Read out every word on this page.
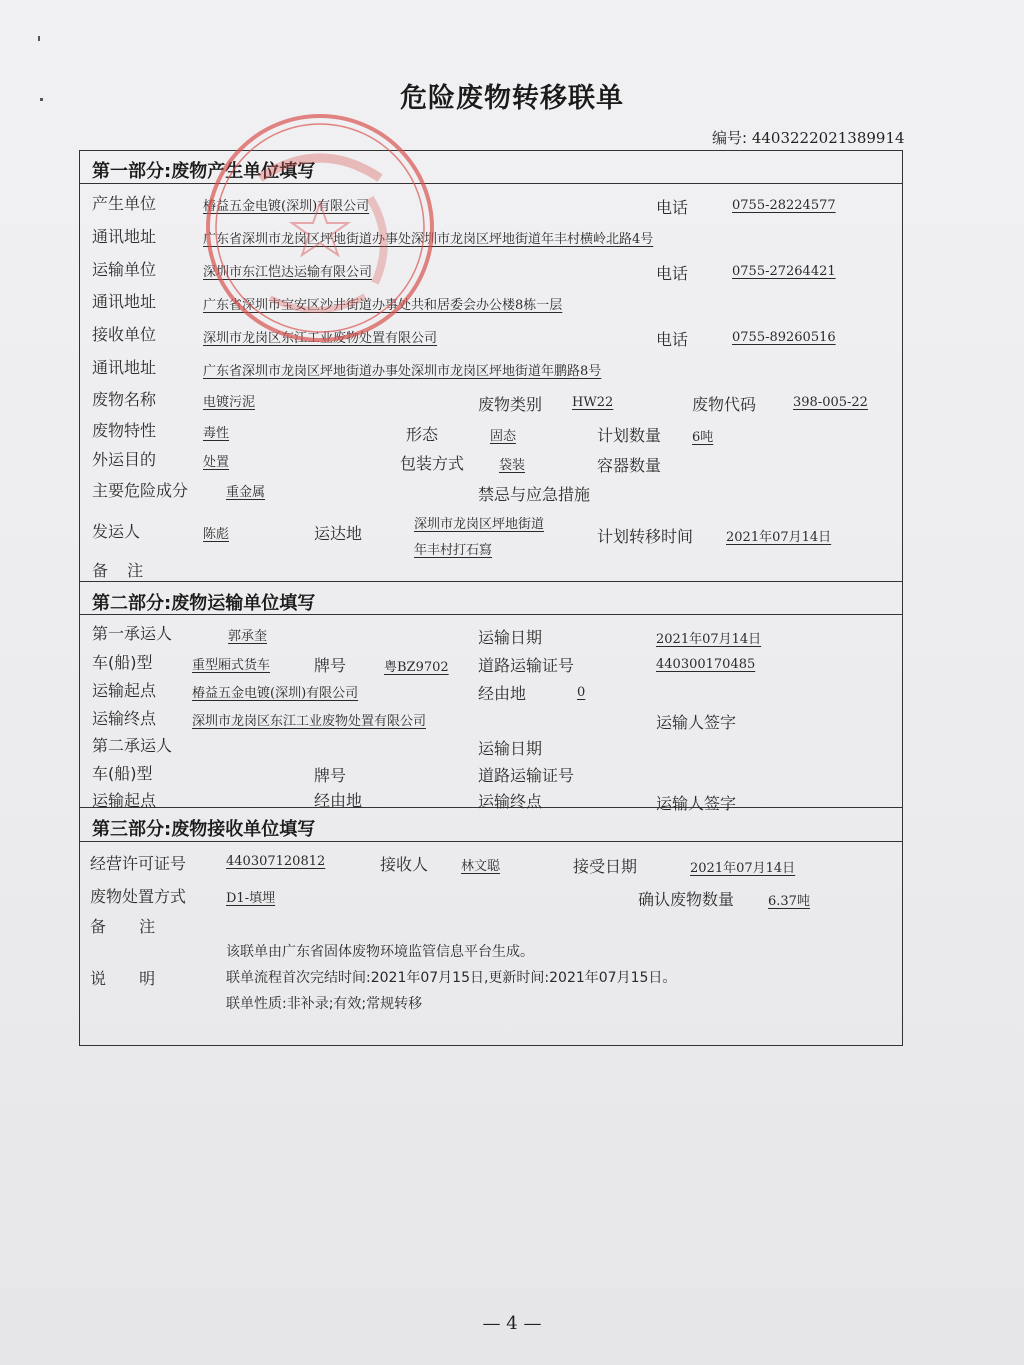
危险废物转移联单
编号: 4403222021389914
第一部分:废物产生单位填写
产生单位	椿益五金电镀(深圳)有限公司	电话	0755-28224577
通讯地址	广东省深圳市龙岗区坪地街道办事处深圳市龙岗区坪地街道年丰村横岭北路4号
运输单位	深圳市东江恺达运输有限公司	电话	0755-27264421
通讯地址	广东省深圳市宝安区沙井街道办事处共和居委会办公楼8栋一层
接收单位	深圳市龙岗区东江工业废物处置有限公司	电话	0755-89260516
通讯地址	广东省深圳市龙岗区坪地街道办事处深圳市龙岗区坪地街道年鹏路8号
废物名称	电镀污泥	废物类别 HW22	废物代码	398-005-22
废物特性	毒性	形态	固态	计划数量 6吨
外运目的	处置	包装方式	袋装	容器数量
主要危险成分	重金属	禁忌与应急措施
发运人	陈彪	运达地	深圳市龙岗区坪地街道
年丰村打石寫
计划转移时间	2021年07月14日
备 注
第二部分:废物运输单位填写
第一承运人	郭承奎	运输日期	2021年07月14日
车(船)型	重型厢式货车	牌号	粤BZ9702 道路运输证号	440300170485
运输起点	椿益五金电镀(深圳)有限公司	经由地	0
运输终点	深圳市龙岗区东江工业废物处置有限公司	运输人签字
第二承运人	运输日期
车(船)型	牌号	道路运输证号
运输起点	经由地	运输终点	运输人签字
第三部分:废物接收单位填写
经营许可证号	440307120812	接收人	林文聪	接受日期	2021年07月14日
废物处置方式	D1-填埋	确认废物数量	6.37吨
备 注
该联单由广东省固体废物环境监管信息平台生成。
说 明	联单流程首次完结时间:2021年07月15日,更新时间:2021年07月15日。
联单性质:非补录;有效;常规转移
— 4 —
